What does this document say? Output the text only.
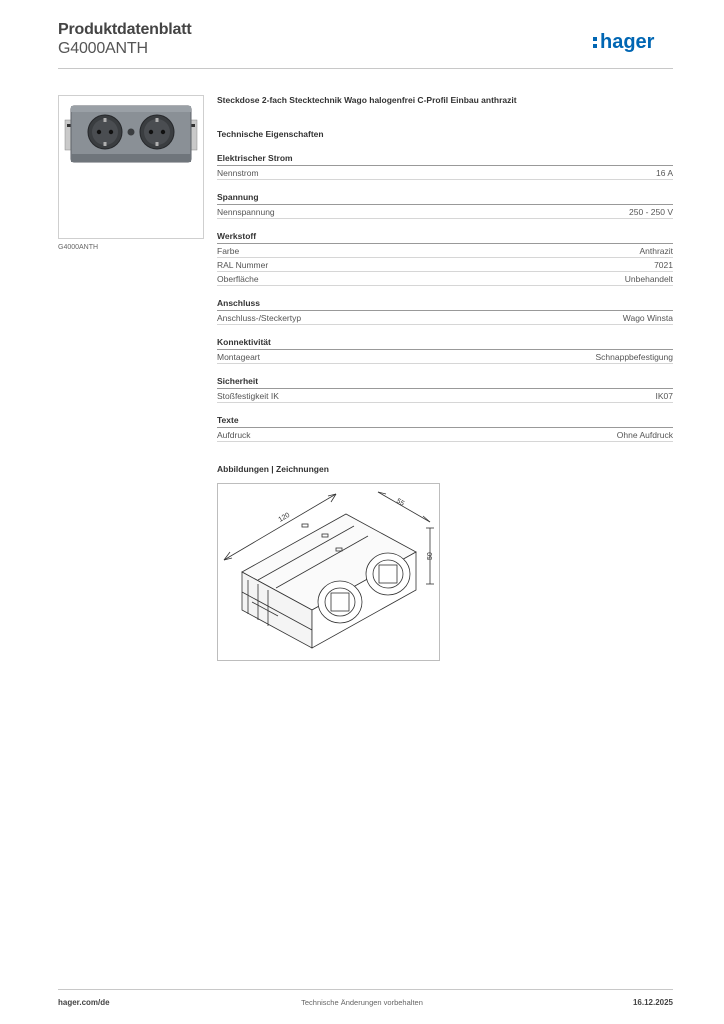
Produktdatenblatt
G4000ANTH	hager
G4000ANTH

Steckdose 2-fach Stecktechnik Wago halogenfrei C-Profil Einbau anthrazit

Technische Eigenschaften
Elektrischer Strom
Nennstrom	16 A
Spannung
Nennspannung	250 - 250 V
Werkstoff
Farbe	Anthrazit
RAL Nummer	7021
Oberfläche	Unbehandelt
Anschluss
Anschluss-/Steckertyp	Wago Winsta
Konnektivität
Montageart	Schnappbefestigung
Sicherheit
Stoßfestigkeit IK	IK07
Texte
Aufdruck	Ohne Aufdruck
Abbildungen | Zeichnungen
120
55
50
hager.com/de	Technische Änderungen vorbehalten	16.12.2025
